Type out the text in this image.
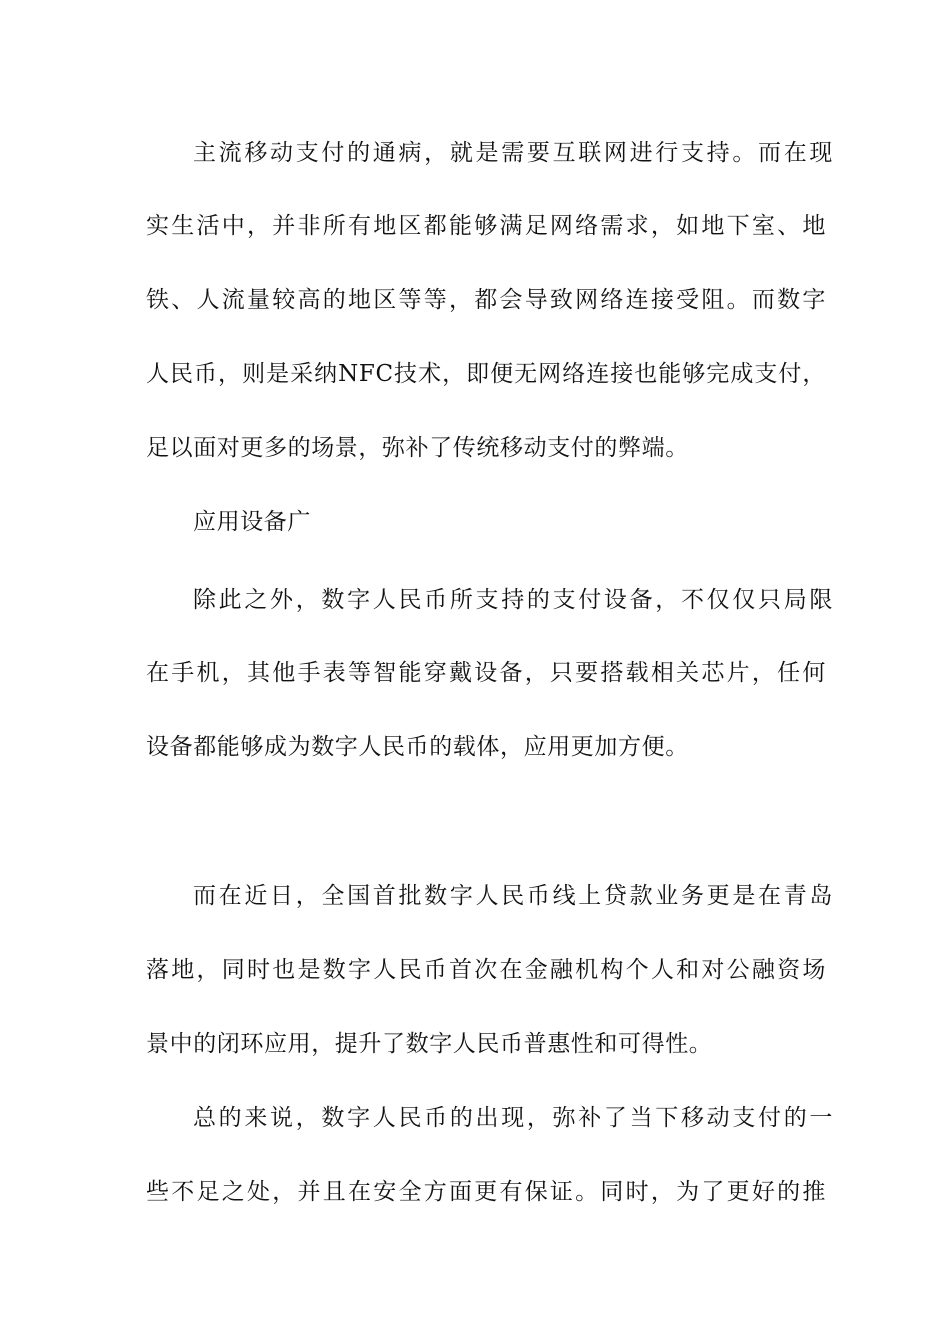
主流移动支付的通病，就是需要互联网进行支持。而在现
实生活中，并非所有地区都能够满足网络需求，如地下室、地
铁、人流量较高的地区等等，都会导致网络连接受阻。而数字
人民币，则是采纳NFC技术，即便无网络连接也能够完成支付，
足以面对更多的场景，弥补了传统移动支付的弊端。
应用设备广
除此之外，数字人民币所支持的支付设备，不仅仅只局限
在手机，其他手表等智能穿戴设备，只要搭载相关芯片，任何
设备都能够成为数字人民币的载体，应用更加方便。
而在近日，全国首批数字人民币线上贷款业务更是在青岛
落地，同时也是数字人民币首次在金融机构个人和对公融资场
景中的闭环应用，提升了数字人民币普惠性和可得性。
总的来说，数字人民币的出现，弥补了当下移动支付的一
些不足之处，并且在安全方面更有保证。同时，为了更好的推
